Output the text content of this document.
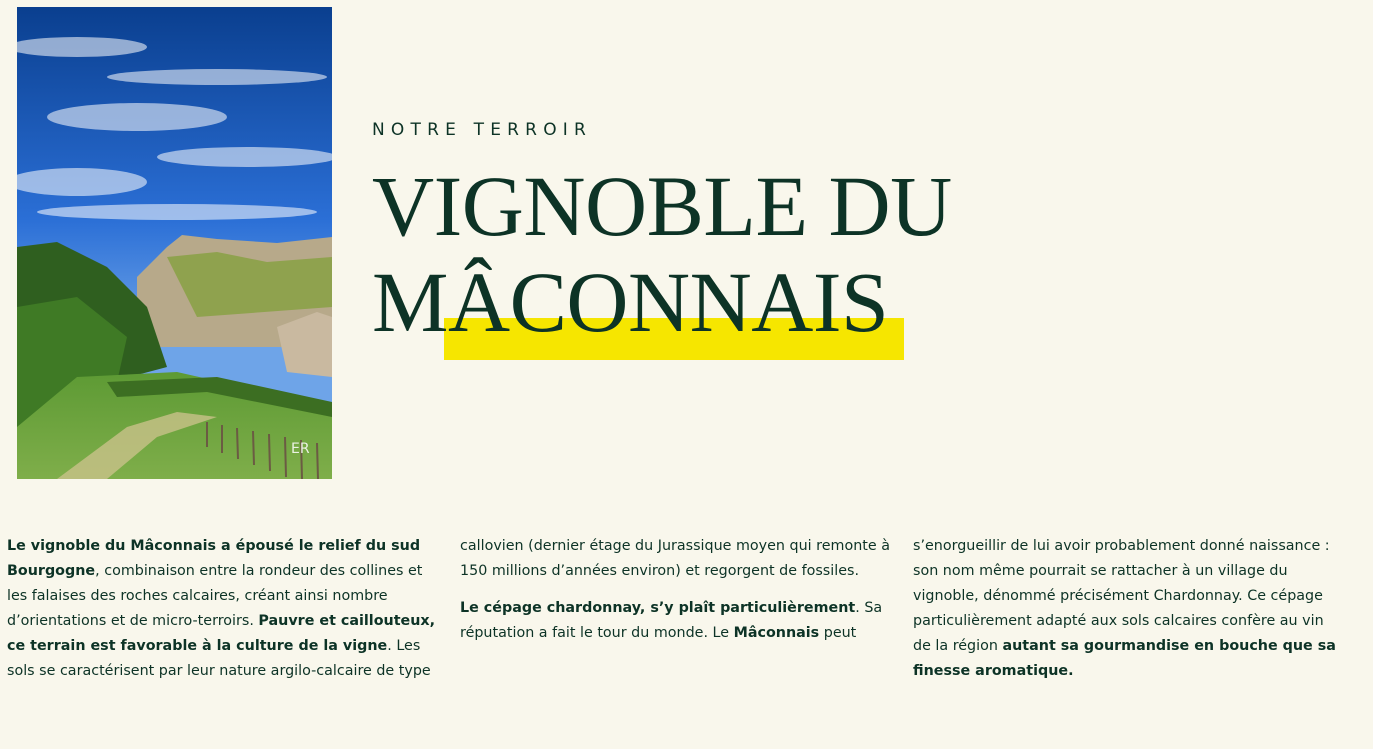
ER
NOTRE TERROIR
VIGNOBLE DU
MÂCONNAIS

Le vignoble du Mâconnais a épousé le relief du sud Bourgogne, combinaison entre la rondeur des collines et les falaises des roches calcaires, créant ainsi nombre d’orientations et de micro-terroirs. Pauvre et caillouteux, ce terrain est favorable à la culture de la vigne. Les sols se caractérisent par leur nature argilo-calcaire de type

callovien (dernier étage du Jurassique moyen qui remonte à 150 millions d’années environ) et regorgent de fossiles.

Le cépage chardonnay, s’y plaît particulièrement. Sa réputation a fait le tour du monde. Le Mâconnais peut

s’enorgueillir de lui avoir probablement donné naissance : son nom même pourrait se rattacher à un village du vignoble, dénommé précisément Chardonnay. Ce cépage particulièrement adapté aux sols calcaires confère au vin de la région autant sa gourmandise en bouche que sa finesse aromatique.
